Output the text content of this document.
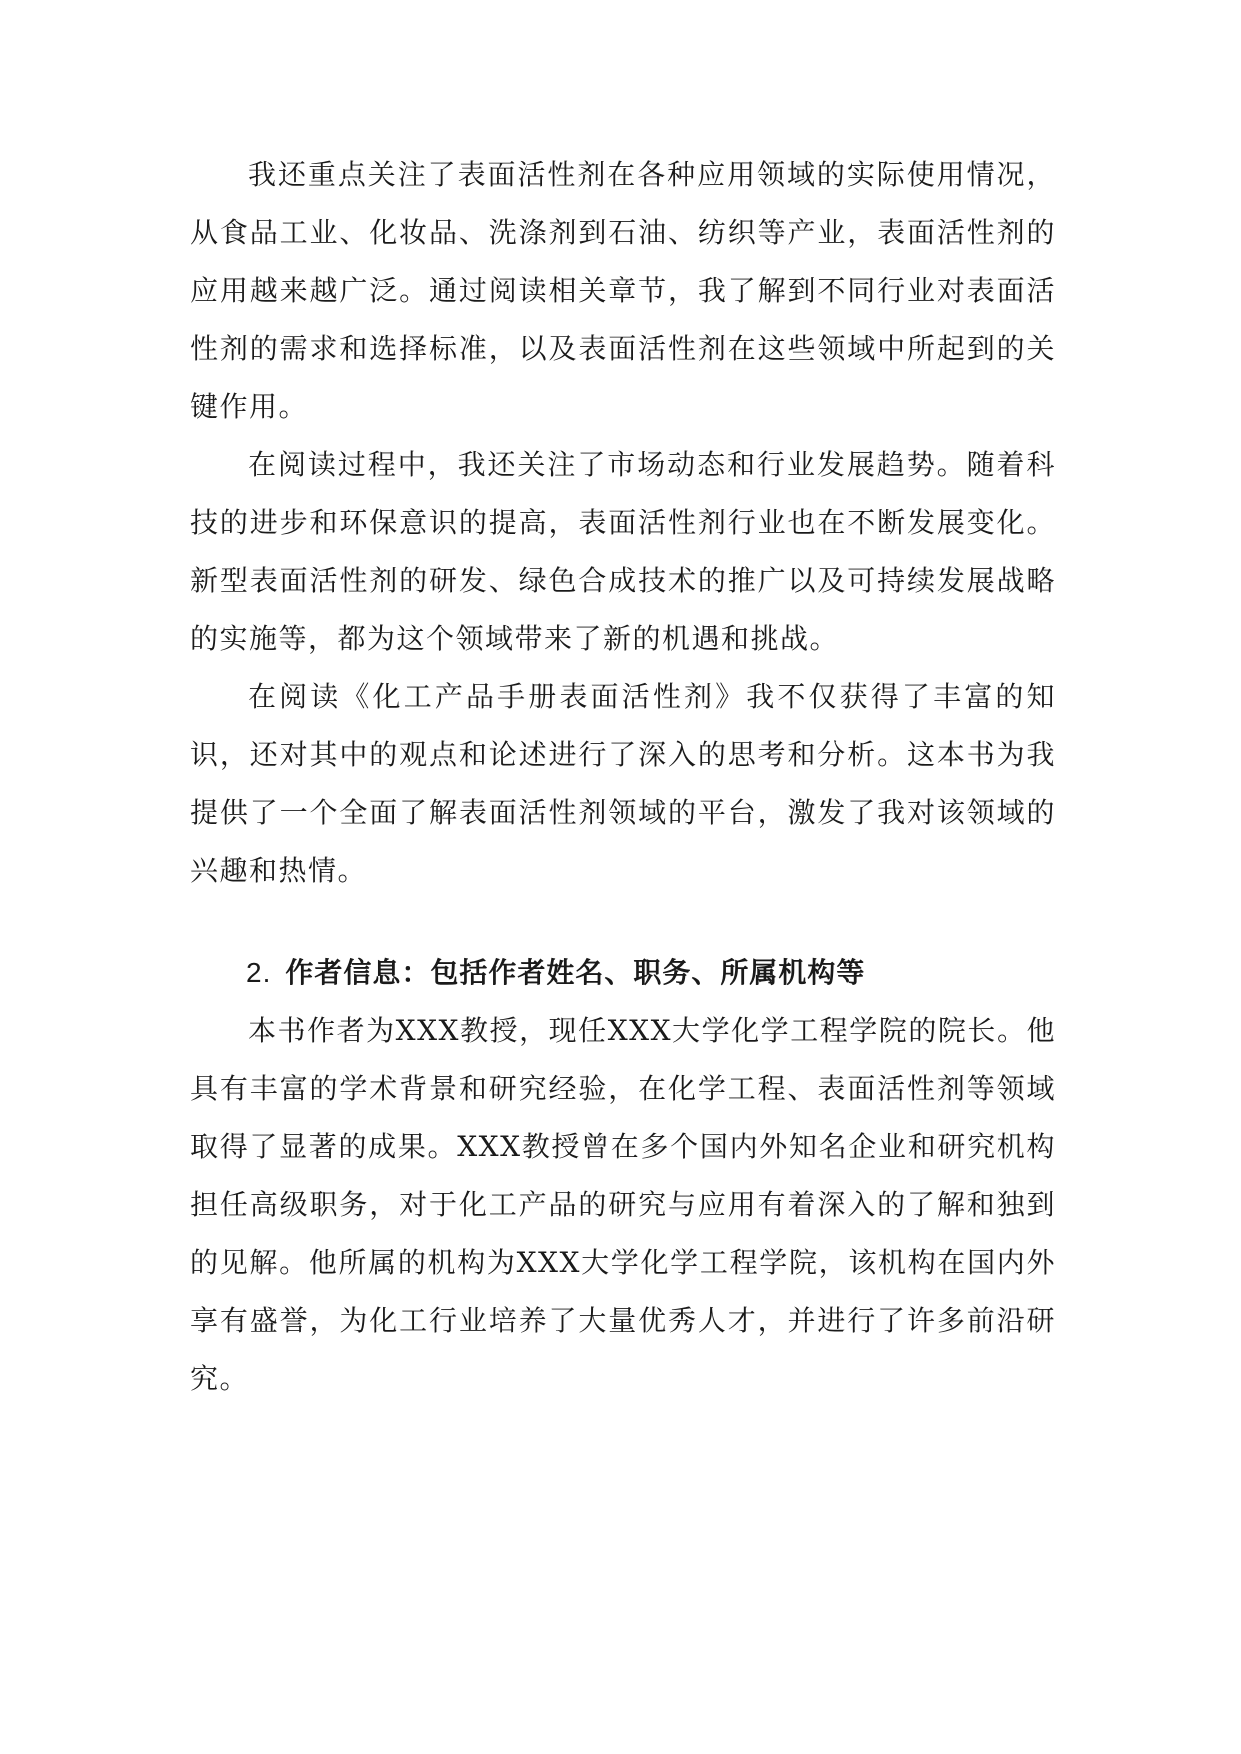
我还重点关注了表面活性剂在各种应用领域的实际使用情况，从食品工业、化妆品、洗涤剂到石油、纺织等产业，表面活性剂的应用越来越广泛。通过阅读相关章节，我了解到不同行业对表面活性剂的需求和选择标准，以及表面活性剂在这些领域中所起到的关键作用。

在阅读过程中，我还关注了市场动态和行业发展趋势。随着科技的进步和环保意识的提高，表面活性剂行业也在不断发展变化。新型表面活性剂的研发、绿色合成技术的推广以及可持续发展战略的实施等，都为这个领域带来了新的机遇和挑战。

在阅读《化工产品手册表面活性剂》我不仅获得了丰富的知识，还对其中的观点和论述进行了深入的思考和分析。这本书为我提供了一个全面了解表面活性剂领域的平台，激发了我对该领域的兴趣和热情。

2. 作者信息：包括作者姓名、职务、所属机构等

本书作者为XXX教授，现任XXX大学化学工程学院的院长。他具有丰富的学术背景和研究经验，在化学工程、表面活性剂等领域取得了显著的成果。XXX教授曾在多个国内外知名企业和研究机构担任高级职务，对于化工产品的研究与应用有着深入的了解和独到的见解。他所属的机构为XXX大学化学工程学院，该机构在国内外享有盛誉，为化工行业培养了大量优秀人才，并进行了许多前沿研究。
